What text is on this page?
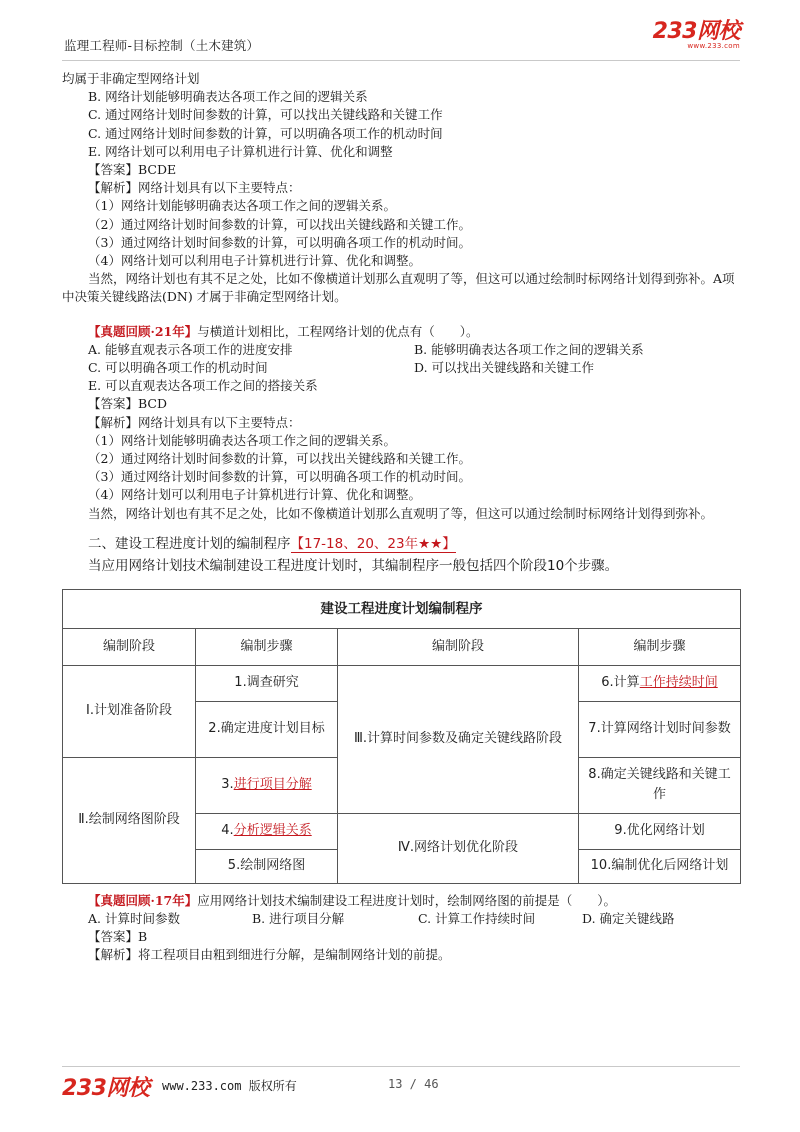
监理工程师-目标控制（土木建筑）
233网校
www.233.com
均属于非确定型网络计划
B. 网络计划能够明确表达各项工作之间的逻辑关系
C. 通过网络计划时间参数的计算，可以找出关键线路和关键工作
C. 通过网络计划时间参数的计算，可以明确各项工作的机动时间
E. 网络计划可以利用电子计算机进行计算、优化和调整
【答案】BCDE
【解析】网络计划具有以下主要特点：
（1）网络计划能够明确表达各项工作之间的逻辑关系。
（2）通过网络计划时间参数的计算，可以找出关键线路和关键工作。
（3）通过网络计划时间参数的计算，可以明确各项工作的机动时间。
（4）网络计划可以利用电子计算机进行计算、优化和调整。
当然，网络计划也有其不足之处，比如不像横道计划那么直观明了等，但这可以通过绘制时标网络计划得到弥补。A项中决策关键线路法(DN) 才属于非确定型网络计划。
【真题回顾·21年】与横道计划相比，工程网络计划的优点有（　　）。
A. 能够直观表示各项工作的进度安排	B. 能够明确表达各项工作之间的逻辑关系
C. 可以明确各项工作的机动时间	D. 可以找出关键线路和关键工作
E. 可以直观表达各项工作之间的搭接关系
【答案】BCD
【解析】网络计划具有以下主要特点：
（1）网络计划能够明确表达各项工作之间的逻辑关系。
（2）通过网络计划时间参数的计算，可以找出关键线路和关键工作。
（3）通过网络计划时间参数的计算，可以明确各项工作的机动时间。
（4）网络计划可以利用电子计算机进行计算、优化和调整。
当然，网络计划也有其不足之处，比如不像横道计划那么直观明了等，但这可以通过绘制时标网络计划得到弥补。
二、建设工程进度计划的编制程序【17-18、20、23年★★】
当应用网络计划技术编制建设工程进度计划时，其编制程序一般包括四个阶段10个步骤。
建设工程进度计划编制程序			
编制阶段	编制步骤	编制阶段	编制步骤
Ⅰ.计划准备阶段	1.调查研究	Ⅲ.计算时间参数及确定关键线路阶段	6.计算工作持续时间
	2.确定进度计划目标		7.计算网络计划时间参数
Ⅱ.绘制网络图阶段	3.进行项目分解		8.确定关键线路和关键工作
	4.分析逻辑关系	Ⅳ.网络计划优化阶段	9.优化网络计划
	5.绘制网络图		10.编制优化后网络计划
【真题回顾·17年】应用网络计划技术编制建设工程进度计划时，绘制网络图的前提是（　　）。
A. 计算时间参数	B. 进行项目分解	C. 计算工作持续时间	D. 确定关键线路
【答案】B
【解析】将工程项目由粗到细进行分解，是编制网络计划的前提。
233网校 www.233.com 版权所有	13 / 46
